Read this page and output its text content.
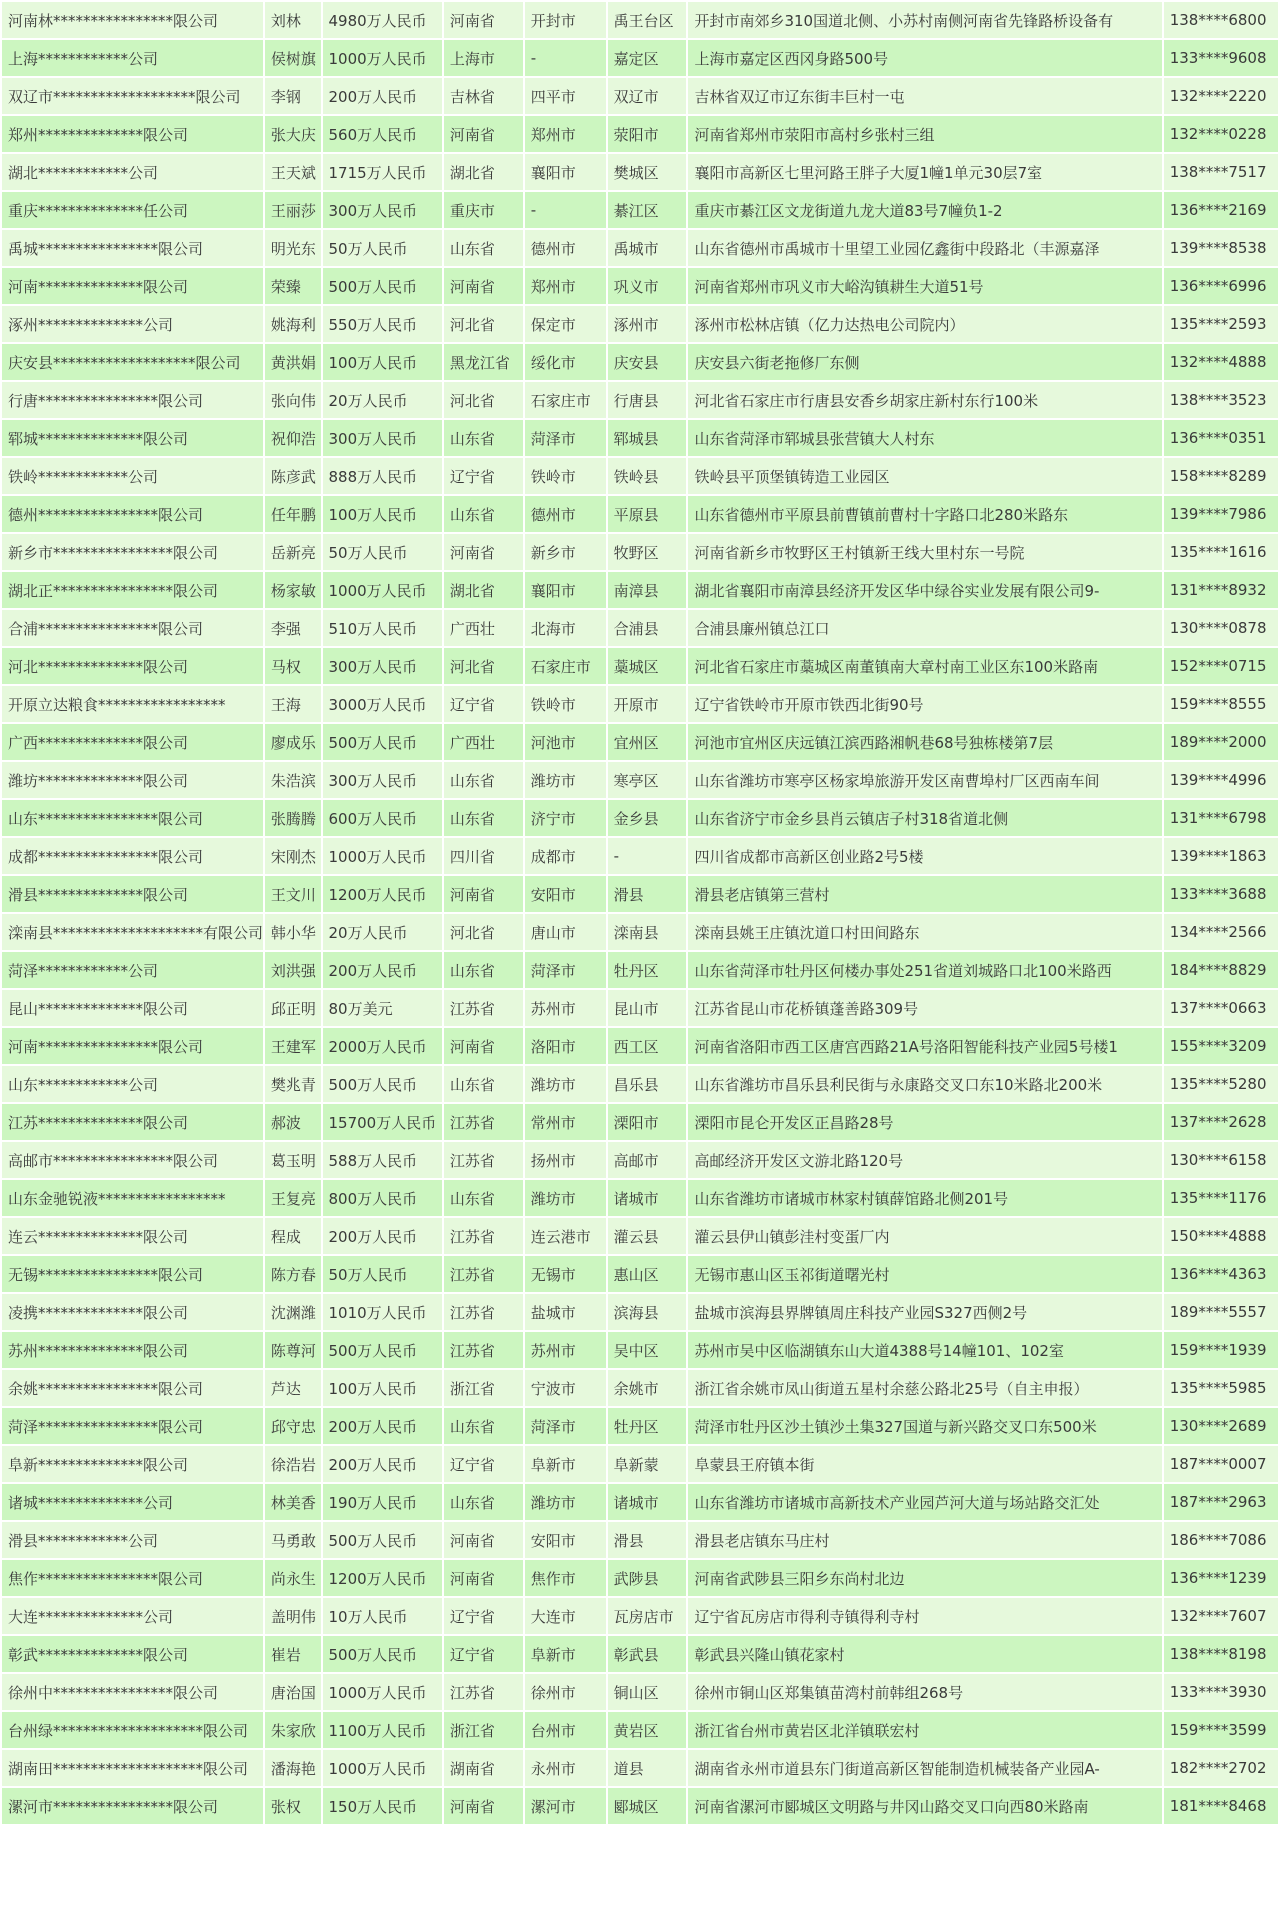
河南林****************限公司	刘林	4980万人民币	河南省	开封市	禹王台区	开封市南郊乡310国道北侧、小苏村南侧河南省先锋路桥设备有	138****6800
上海************公司	侯树旗	1000万人民币	上海市	-	嘉定区	上海市嘉定区西冈身路500号	133****9608
双辽市*******************限公司	李钢	200万人民币	吉林省	四平市	双辽市	吉林省双辽市辽东街丰巨村一屯	132****2220
郑州**************限公司	张大庆	560万人民币	河南省	郑州市	荥阳市	河南省郑州市荥阳市高村乡张村三组	132****0228
湖北************公司	王天斌	1715万人民币	湖北省	襄阳市	樊城区	襄阳市高新区七里河路王胖子大厦1幢1单元30层7室	138****7517
重庆**************任公司	王丽莎	300万人民币	重庆市	-	綦江区	重庆市綦江区文龙街道九龙大道83号7幢负1-2	136****2169
禹城****************限公司	明光东	50万人民币	山东省	德州市	禹城市	山东省德州市禹城市十里望工业园亿鑫街中段路北（丰源嘉泽	139****8538
河南**************限公司	荣臻	500万人民币	河南省	郑州市	巩义市	河南省郑州市巩义市大峪沟镇耕生大道51号	136****6996
涿州**************公司	姚海利	550万人民币	河北省	保定市	涿州市	涿州市松林店镇（亿力达热电公司院内）	135****2593
庆安县*******************限公司	黄洪娟	100万人民币	黑龙江省	绥化市	庆安县	庆安县六街老拖修厂东侧	132****4888
行唐****************限公司	张向伟	20万人民币	河北省	石家庄市	行唐县	河北省石家庄市行唐县安香乡胡家庄新村东行100米	138****3523
郓城**************限公司	祝仰浩	300万人民币	山东省	菏泽市	郓城县	山东省菏泽市郓城县张营镇大人村东	136****0351
铁岭************公司	陈彦武	888万人民币	辽宁省	铁岭市	铁岭县	铁岭县平顶堡镇铸造工业园区	158****8289
德州****************限公司	任年鹏	100万人民币	山东省	德州市	平原县	山东省德州市平原县前曹镇前曹村十字路口北280米路东	139****7986
新乡市****************限公司	岳新亮	50万人民币	河南省	新乡市	牧野区	河南省新乡市牧野区王村镇新王线大里村东一号院	135****1616
湖北正****************限公司	杨家敏	1000万人民币	湖北省	襄阳市	南漳县	湖北省襄阳市南漳县经济开发区华中绿谷实业发展有限公司9-	131****8932
合浦****************限公司	李强	510万人民币	广西壮	北海市	合浦县	合浦县廉州镇总江口	130****0878
河北**************限公司	马权	300万人民币	河北省	石家庄市	藁城区	河北省石家庄市藁城区南董镇南大章村南工业区东100米路南	152****0715
开原立达粮食*****************	王海	3000万人民币	辽宁省	铁岭市	开原市	辽宁省铁岭市开原市铁西北街90号	159****8555
广西**************限公司	廖成乐	500万人民币	广西壮	河池市	宜州区	河池市宜州区庆远镇江滨西路湘帆巷68号独栋楼第7层	189****2000
潍坊**************限公司	朱浩滨	300万人民币	山东省	潍坊市	寒亭区	山东省潍坊市寒亭区杨家埠旅游开发区南曹埠村厂区西南车间	139****4996
山东****************限公司	张腾腾	600万人民币	山东省	济宁市	金乡县	山东省济宁市金乡县肖云镇店子村318省道北侧	131****6798
成都****************限公司	宋刚杰	1000万人民币	四川省	成都市	-	四川省成都市高新区创业路2号5楼	139****1863
滑县**************限公司	王文川	1200万人民币	河南省	安阳市	滑县	滑县老店镇第三营村	133****3688
滦南县********************有限公司	韩小华	20万人民币	河北省	唐山市	滦南县	滦南县姚王庄镇沈道口村田间路东	134****2566
菏泽************公司	刘洪强	200万人民币	山东省	菏泽市	牡丹区	山东省菏泽市牡丹区何楼办事处251省道刘城路口北100米路西	184****8829
昆山**************限公司	邱正明	80万美元	江苏省	苏州市	昆山市	江苏省昆山市花桥镇蓬善路309号	137****0663
河南****************限公司	王建军	2000万人民币	河南省	洛阳市	西工区	河南省洛阳市西工区唐宫西路21A号洛阳智能科技产业园5号楼1	155****3209
山东************公司	樊兆青	500万人民币	山东省	潍坊市	昌乐县	山东省潍坊市昌乐县利民街与永康路交叉口东10米路北200米	135****5280
江苏**************限公司	郝波	15700万人民币	江苏省	常州市	溧阳市	溧阳市昆仑开发区正昌路28号	137****2628
高邮市****************限公司	葛玉明	588万人民币	江苏省	扬州市	高邮市	高邮经济开发区文游北路120号	130****6158
山东金驰锐液*****************	王复亮	800万人民币	山东省	潍坊市	诸城市	山东省潍坊市诸城市林家村镇薛馆路北侧201号	135****1176
连云**************限公司	程成	200万人民币	江苏省	连云港市	灌云县	灌云县伊山镇彭洼村变蛋厂内	150****4888
无锡****************限公司	陈方春	50万人民币	江苏省	无锡市	惠山区	无锡市惠山区玉祁街道曙光村	136****4363
凌携**************限公司	沈渊潍	1010万人民币	江苏省	盐城市	滨海县	盐城市滨海县界牌镇周庄科技产业园S327西侧2号	189****5557
苏州**************限公司	陈尊河	500万人民币	江苏省	苏州市	吴中区	苏州市吴中区临湖镇东山大道4388号14幢101、102室	159****1939
余姚****************限公司	芦达	100万人民币	浙江省	宁波市	余姚市	浙江省余姚市凤山街道五星村余慈公路北25号（自主申报）	135****5985
菏泽****************限公司	邱守忠	200万人民币	山东省	菏泽市	牡丹区	菏泽市牡丹区沙土镇沙土集327国道与新兴路交叉口东500米	130****2689
阜新**************限公司	徐浩岩	200万人民币	辽宁省	阜新市	阜新蒙	阜蒙县王府镇本街	187****0007
诸城**************公司	林美香	190万人民币	山东省	潍坊市	诸城市	山东省潍坊市诸城市高新技术产业园芦河大道与场站路交汇处	187****2963
滑县************公司	马勇敢	500万人民币	河南省	安阳市	滑县	滑县老店镇东马庄村	186****7086
焦作****************限公司	尚永生	1200万人民币	河南省	焦作市	武陟县	河南省武陟县三阳乡东尚村北边	136****1239
大连**************公司	盖明伟	10万人民币	辽宁省	大连市	瓦房店市	辽宁省瓦房店市得利寺镇得利寺村	132****7607
彰武**************限公司	崔岩	500万人民币	辽宁省	阜新市	彰武县	彰武县兴隆山镇花家村	138****8198
徐州中****************限公司	唐治国	1000万人民币	江苏省	徐州市	铜山区	徐州市铜山区郑集镇苗湾村前韩组268号	133****3930
台州绿********************限公司	朱家欣	1100万人民币	浙江省	台州市	黄岩区	浙江省台州市黄岩区北洋镇联宏村	159****3599
湖南田********************限公司	潘海艳	1000万人民币	湖南省	永州市	道县	湖南省永州市道县东门街道高新区智能制造机械装备产业园A-	182****2702
漯河市****************限公司	张权	150万人民币	河南省	漯河市	郾城区	河南省漯河市郾城区文明路与井冈山路交叉口向西80米路南	181****8468
